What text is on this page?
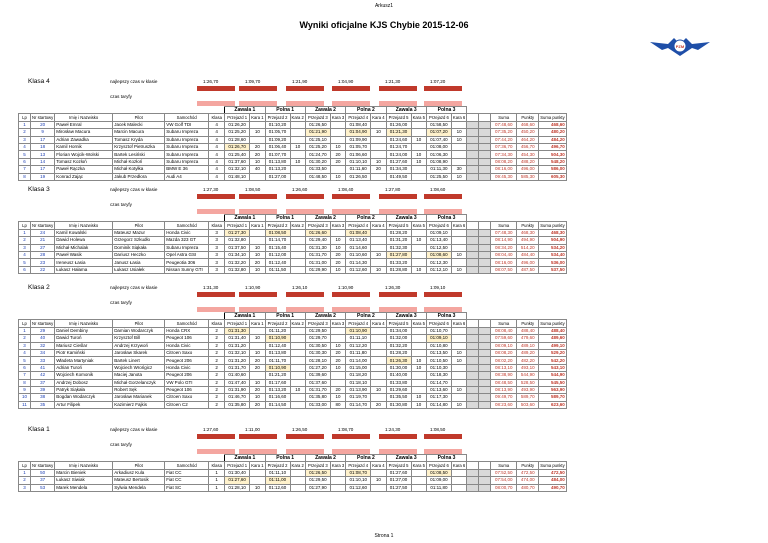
Arkusz1
Wyniki oficjalne KJS Chybie 2015-12-06
PZM
Klasa 4	najlepszy czas w klasie	1:26,70	1:09,70	1:21,90	1:04,90	1:21,30	1:07,20
czas taryfy
						Zawala 1		Polna 1		Zawala 2		Polna 2		Zawala 3		Polna 3						
Lp	Nr startowy	Imię i Nazwisko	Pilot	Samochód	Klasa	Przejazd 1	Kara 1	Przejazd 2	Kara 2	Przejazd 3	Kara 3	Przejazd 4	Kara 4	Przejazd 5	Kara 5	Przejazd 6	Kara 6			Suma	Punkty	Suma punkty
1	20	Paweł Emral	Jacek Malecki	VW Golf TDI	4	01:26,20		01:10,20		01:26,50		01:08,40		01:26,00		01:58,50				07:48,60	468,60	468,60
2	9	Mirosław Macura	Marcin Macura	Subaru Impreza	4	01:25,20	10	01:05,70		01:21,90		01:04,90	10	01:21,30		01:07,20	10			07:35,20	450,20	480,20
3	17	Adrian Zawadka	Tomasz Kryda	Subaru Impreza	4	01:28,60		01:09,20		01:25,10		01:09,90		01:24,60	10	01:07,40	10			07:44,20	464,20	484,20
4	18	Kamil Hornik	Krzysztof Pietruszka	Subaru Impreza	4	01:26,70	20	01:06,40	10	01:25,20	10	01:05,70		01:24,70		01:08,00				07:36,70	456,70	496,70
5	13	Florian Wojcik-Wolski	Bartek Lesiński	Subaru Impreza	4	01:25,40	20	01:07,70		01:24,70	20	01:06,60		01:24,00	10	01:06,30				07:34,30	454,30	504,30
6	14	Tomasz Kozłoń	Michał Kozłoń	Subaru Impreza	4	01:37,60	10	01:13,80	10	01:30,20	20	01:10,10	10	01:27,60	10	01:08,90				08:08,20	488,20	548,20
7	17	Paweł Rączka	Michał Kotyłka	BMW E 36	4	01:32,10	40	01:13,20		01:33,50		01:11,60	20	01:34,30		01:11,30	30			08:16,00	496,00	586,00
8	19	Konrad Zając	Jakub Przedłora	Audi A4	4	01:48,10		01:27,00		01:48,50	10	01:26,50		01:49,50		01:25,50	10			09:45,30	585,30	605,30
Klasa 3	najlepszy czas w klasie	1:27,30	1:08,50	1:26,60	1:08,40	1:27,80	1:08,60
czas taryfy
						Zawala 1		Polna 1		Zawala 2		Polna 2		Zawala 3		Polna 3						
Lp	Nr startowy	Imię i Nazwisko	Pilot	Samochód	Klasa	Przejazd 1	Kara 1	Przejazd 2	Kara 2	Przejazd 3	Kara 3	Przejazd 4	Kara 4	Przejazd 5	Kara 5	Przejazd 6	Kara 6			Suma	Punkty	Suma punkty
1	24	Kamil Kowalski	Mateusz Mazur	Honda Civic	3	01:27,30		01:08,50		01:26,60		01:08,40		01:28,20		01:09,10				07:48,30	468,30	468,30
2	21	Dawid Holewa	Grzegorz Szkudło	Mazda 323 GT	3	01:32,80		01:14,70		01:29,40	10	01:13,40		01:31,20	10	01:13,40				08:14,90	494,90	504,90
3	27	Michał Michalak	Dominik Siąkała	Subaru Impreza	3	01:37,50	10	01:15,40		01:31,30	10	01:14,60		01:32,30		01:12,50				08:34,20	514,20	534,20
4	28	Paweł Wasik	Dariusz Heczko	Opel Astra GSI	3	01:34,10	10	01:12,00		01:31,70	20	01:10,60	10	01:27,80		01:08,60	10			08:04,40	484,40	534,40
5	23	Ireneusz Łasia	Janusz Łasia	Peugeotia 306	3	01:32,20	20	01:12,40		01:31,00	20	01:14,30		01:33,20		01:12,30				08:16,00	496,00	536,00
6	22	Łukasz Hałama	Łukasz Usiałek	Nissan Sunny GTI	3	01:32,80	10	01:11,50		01:29,90	10	01:12,60	10	01:28,80	10	01:12,10	10			08:07,50	487,50	537,50
Klasa 2	najlepszy czas w klasie	1:31,30	1:10,90	1:26,10	1:10,90	1:26,30	1:09,10
czas taryfy
						Zawala 1		Polna 1		Zawala 2		Polna 2		Zawala 3		Polna 3						
Lp	Nr startowy	Imię i Nazwisko	Pilot	Samochód	Klasa	Przejazd 1	Kara 1	Przejazd 2	Kara 2	Przejazd 3	Kara 3	Przejazd 4	Kara 4	Przejazd 5	Kara 5	Przejazd 6	Kara 6			Suma	Punkty	Suma punkty
1	29	Daniel Dembiny	Damian Wodarczyk	Honda CRX	2	01:31,30		01:11,20		01:29,50		01:10,90		01:34,00		01:10,70				08:08,40	488,40	488,40
2	40	Dawid Turoń	Krzysztof Bill	Peugeot 106	2	01:31,40	10	01:10,90		01:29,70		01:11,10		01:32,00		01:09,10				07:59,60	479,60	489,60
3	32	Mariusz Cieślar	Andrzej Krzywoń	Honda Civic	2	01:31,20		01:12,40		01:30,50	10	01:12,20		01:32,20		01:10,80				08:09,10	489,10	499,10
4	34	Piotr Kamiński	Jarosław Skarek	Citroen Saxo	2	01:32,10	10	01:13,80		01:30,30	20	01:11,80		01:28,20		01:13,50	10			08:08,20	489,20	529,20
5	33	Władeta Martyniak	Bartek Linert	Peugeot 206	2	01:31,20	20	01:11,70		01:28,10	20	01:14,00		01:26,30	10	01:10,50	10			08:02,20	482,20	542,20
6	41	Adrian Turoń	Wojciech Wrońgicz	Honda Civic	2	01:31,70	20	01:10,90		01:27,20	10	01:15,00		01:30,00	10	01:10,30				08:13,10	493,10	543,10
7	42	Wojciech Komonik	Maciej Janota	Peugeot 206	2	01:40,60		01:21,20		01:39,60		01:18,20		01:40,00		01:18,30				08:38,90	544,90	544,90
8	37	Andrzej Dobosz	Michał Gorzelanczyk	VW Polo GTI	2	01:47,40	10	01:17,60		01:37,60		01:18,10		01:33,80		01:14,70				08:48,50	528,50	545,50
9	39	Patryk Siąkała	Robert Sęk	Peugeot 106	2	01:31,90	20	01:13,20	10	01:31,70	20	01:13,90	10	01:29,60		01:13,60	10			08:13,90	493,90	563,90
10	38	Bogdan Wodarczyk	Jarosław Marianek	Citroen Saxo	2	01:46,70	10	01:16,60		01:35,80	10	01:19,70		01:35,50	10	01:17,30				09:49,70	589,70	589,70
11	35	Artur Filipek	Kazimierz Fajkis	Citroen C2	2	01:35,80	20	01:14,50		01:33,00	80	01:14,70	20	01:30,80	10	01:14,80	10			08:23,60	503,60	623,60
Klasa 1	najlepszy czas w klasie	1:27,60	1:11,00	1:26,50	1:08,70	1:24,30	1:08,50
czas taryfy
						Zawala 1		Polna 1		Zawala 2		Polna 2		Zawala 3		Polna 3						
Lp	Nr startowy	Imię i Nazwisko	Pilot	Samochód	Klasa	Przejazd 1	Kara 1	Przejazd 2	Kara 2	Przejazd 3	Kara 3	Przejazd 4	Kara 4	Przejazd 5	Kara 5	Przejazd 6	Kara 6			Suma	Punkty	Suma punkty
1	50	Marcin Bieniek	Arkadiusz Kula	Fiat CC	1	01:30,40		01:11,10		01:26,50		01:08,70		01:27,60		01:08,50				07:52,50	472,50	472,50
2	37	Łukasz Siwiak	Mateusz Bertosik	Fiat CC	1	01:27,60		01:11,00		01:29,50		01:10,10	10	01:27,00		01:09,00				07:54,00	474,00	484,00
3	53	Marek Mendela	Sylwia Mendela	Fiat SC	1	01:28,10	10	01:12,60		01:27,90		01:12,60		01:27,50		01:11,80				08:00,70	480,70	490,70
Strona 1
